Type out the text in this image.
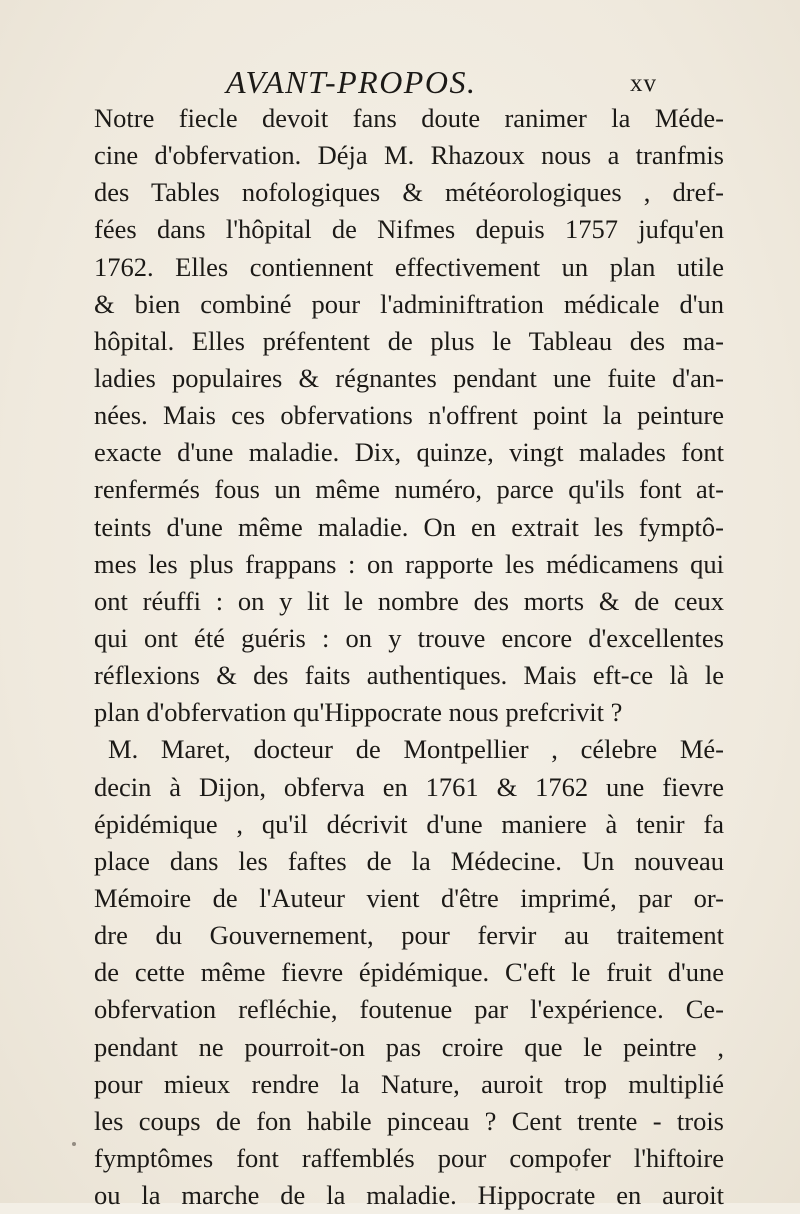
AVANT-PROPOS.	xv
Notre fiecle devoit fans doute ranimer la Méde-
cine d'obfervation. Déja M. Rhazoux nous a tranfmis
des Tables nofologiques & météorologiques , dref-
fées dans l'hôpital de Nifmes depuis 1757 jufqu'en
1762. Elles contiennent effectivement un plan utile
& bien combiné pour l'adminiftration médicale d'un
hôpital. Elles préfentent de plus le Tableau des ma-
ladies populaires & régnantes pendant une fuite d'an-
nées. Mais ces obfervations n'offrent point la peinture
exacte d'une maladie. Dix, quinze, vingt malades font
renfermés fous un même numéro, parce qu'ils font at-
teints d'une même maladie. On en extrait les fymptô-
mes les plus frappans : on rapporte les médicamens qui
ont réuffi : on y lit le nombre des morts & de ceux
qui ont été guéris : on y trouve encore d'excellentes
réflexions & des faits authentiques. Mais eft-ce là le
plan d'obfervation qu'Hippocrate nous prefcrivit ?
M. Maret, docteur de Montpellier , célebre Mé-
decin à Dijon, obferva en 1761 & 1762 une fievre
épidémique , qu'il décrivit d'une maniere à tenir fa
place dans les faftes de la Médecine. Un nouveau
Mémoire de l'Auteur vient d'être imprimé, par or-
dre du Gouvernement, pour fervir au traitement
de cette même fievre épidémique. C'eft le fruit d'une
obfervation refléchie, foutenue par l'expérience. Ce-
pendant ne pourroit-on pas croire que le peintre ,
pour mieux rendre la Nature, auroit trop multiplié
les coups de fon habile pinceau ? Cent trente - trois
fymptômes font raffemblés pour compofer l'hiftoire
ou la marche de la maladie. Hippocrate en auroit
